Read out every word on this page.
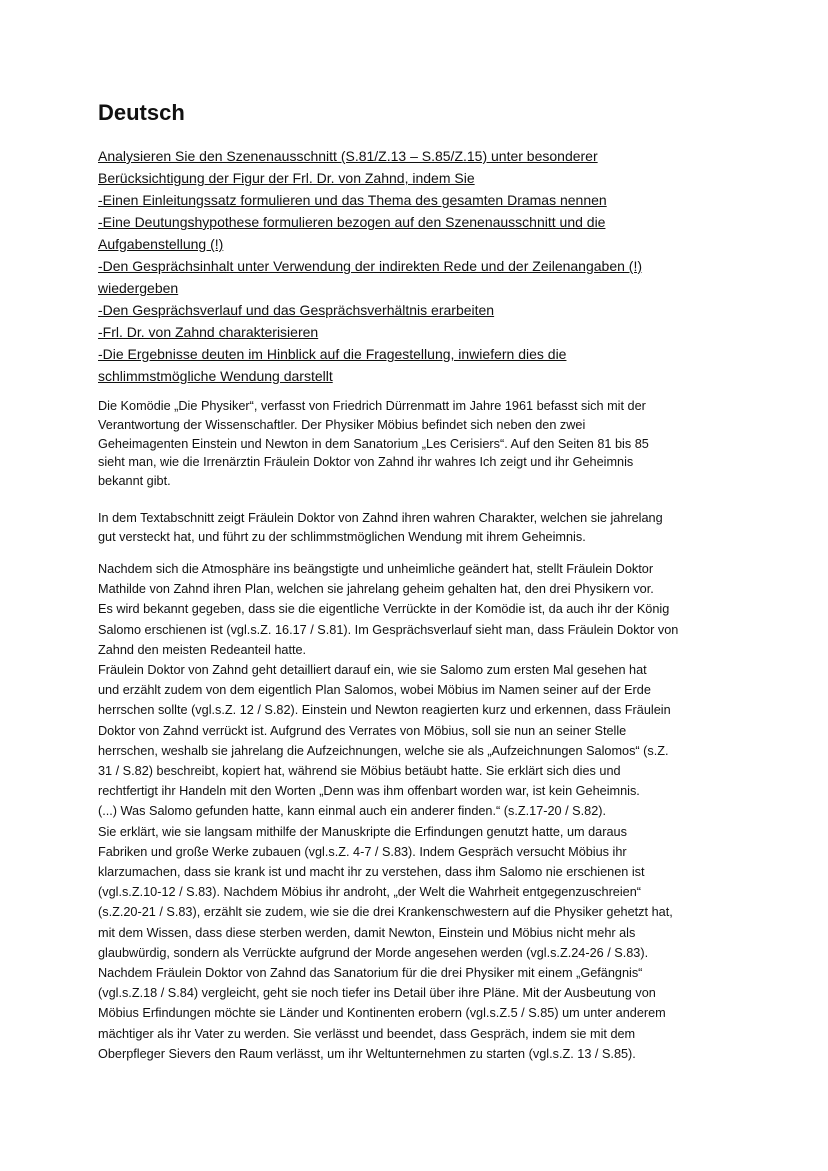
Deutsch
Analysieren Sie den Szenenausschnitt (S.81/Z.13 – S.85/Z.15) unter besonderer
Berücksichtigung der Figur der Frl. Dr. von Zahnd, indem Sie
-Einen Einleitungssatz formulieren und das Thema des gesamten Dramas nennen
-Eine Deutungshypothese formulieren bezogen auf den Szenenausschnitt und die
Aufgabenstellung (!)
-Den Gesprächsinhalt unter Verwendung der indirekten Rede und der Zeilenangaben (!)
wiedergeben
-Den Gesprächsverlauf und das Gesprächsverhältnis erarbeiten
-Frl. Dr. von Zahnd charakterisieren
-Die Ergebnisse deuten im Hinblick auf die Fragestellung, inwiefern dies die
schlimmstmögliche Wendung darstellt
Die Komödie „Die Physiker“, verfasst von Friedrich Dürrenmatt im Jahre 1961 befasst sich mit der
Verantwortung der Wissenschaftler. Der Physiker Möbius befindet sich neben den zwei
Geheimagenten Einstein und Newton in dem Sanatorium „Les Cerisiers“. Auf den Seiten 81 bis 85
sieht man, wie die Irrenärztin Fräulein Doktor von Zahnd ihr wahres Ich zeigt und ihr Geheimnis
bekannt gibt.
In dem Textabschnitt zeigt Fräulein Doktor von Zahnd ihren wahren Charakter, welchen sie jahrelang
gut versteckt hat, und führt zu der schlimmstmöglichen Wendung mit ihrem Geheimnis.
Nachdem sich die Atmosphäre ins beängstigte und unheimliche geändert hat, stellt Fräulein Doktor
Mathilde von Zahnd ihren Plan, welchen sie jahrelang geheim gehalten hat, den drei Physikern vor.
Es wird bekannt gegeben, dass sie die eigentliche Verrückte in der Komödie ist, da auch ihr der König
Salomo erschienen ist (vgl.s.Z. 16.17 / S.81). Im Gesprächsverlauf sieht man, dass Fräulein Doktor von
Zahnd den meisten Redeanteil hatte.
Fräulein Doktor von Zahnd geht detailliert darauf ein, wie sie Salomo zum ersten Mal gesehen hat
und erzählt zudem von dem eigentlich Plan Salomos, wobei Möbius im Namen seiner auf der Erde
herrschen sollte (vgl.s.Z. 12 / S.82). Einstein und Newton reagierten kurz und erkennen, dass Fräulein
Doktor von Zahnd verrückt ist. Aufgrund des Verrates von Möbius, soll sie nun an seiner Stelle
herrschen, weshalb sie jahrelang die Aufzeichnungen, welche sie als „Aufzeichnungen Salomos“ (s.Z.
31 / S.82) beschreibt, kopiert hat, während sie Möbius betäubt hatte. Sie erklärt sich dies und
rechtfertigt ihr Handeln mit den Worten „Denn was ihm offenbart worden war, ist kein Geheimnis.
(...) Was Salomo gefunden hatte, kann einmal auch ein anderer finden.“ (s.Z.17-20 / S.82).
Sie erklärt, wie sie langsam mithilfe der Manuskripte die Erfindungen genutzt hatte, um daraus
Fabriken und große Werke zubauen (vgl.s.Z. 4-7 / S.83). Indem Gespräch versucht Möbius ihr
klarzumachen, dass sie krank ist und macht ihr zu verstehen, dass ihm Salomo nie erschienen ist
(vgl.s.Z.10-12 / S.83). Nachdem Möbius ihr androht, „der Welt die Wahrheit entgegenzuschreien“
(s.Z.20-21 / S.83), erzählt sie zudem, wie sie die drei Krankenschwestern auf die Physiker gehetzt hat,
mit dem Wissen, dass diese sterben werden, damit Newton, Einstein und Möbius nicht mehr als
glaubwürdig, sondern als Verrückte aufgrund der Morde angesehen werden (vgl.s.Z.24-26 / S.83).
Nachdem Fräulein Doktor von Zahnd das Sanatorium für die drei Physiker mit einem „Gefängnis“
(vgl.s.Z.18 / S.84) vergleicht, geht sie noch tiefer ins Detail über ihre Pläne. Mit der Ausbeutung von
Möbius Erfindungen möchte sie Länder und Kontinenten erobern (vgl.s.Z.5 / S.85) um unter anderem
mächtiger als ihr Vater zu werden. Sie verlässt und beendet, dass Gespräch, indem sie mit dem
Oberpfleger Sievers den Raum verlässt, um ihr Weltunternehmen zu starten (vgl.s.Z. 13 / S.85).
